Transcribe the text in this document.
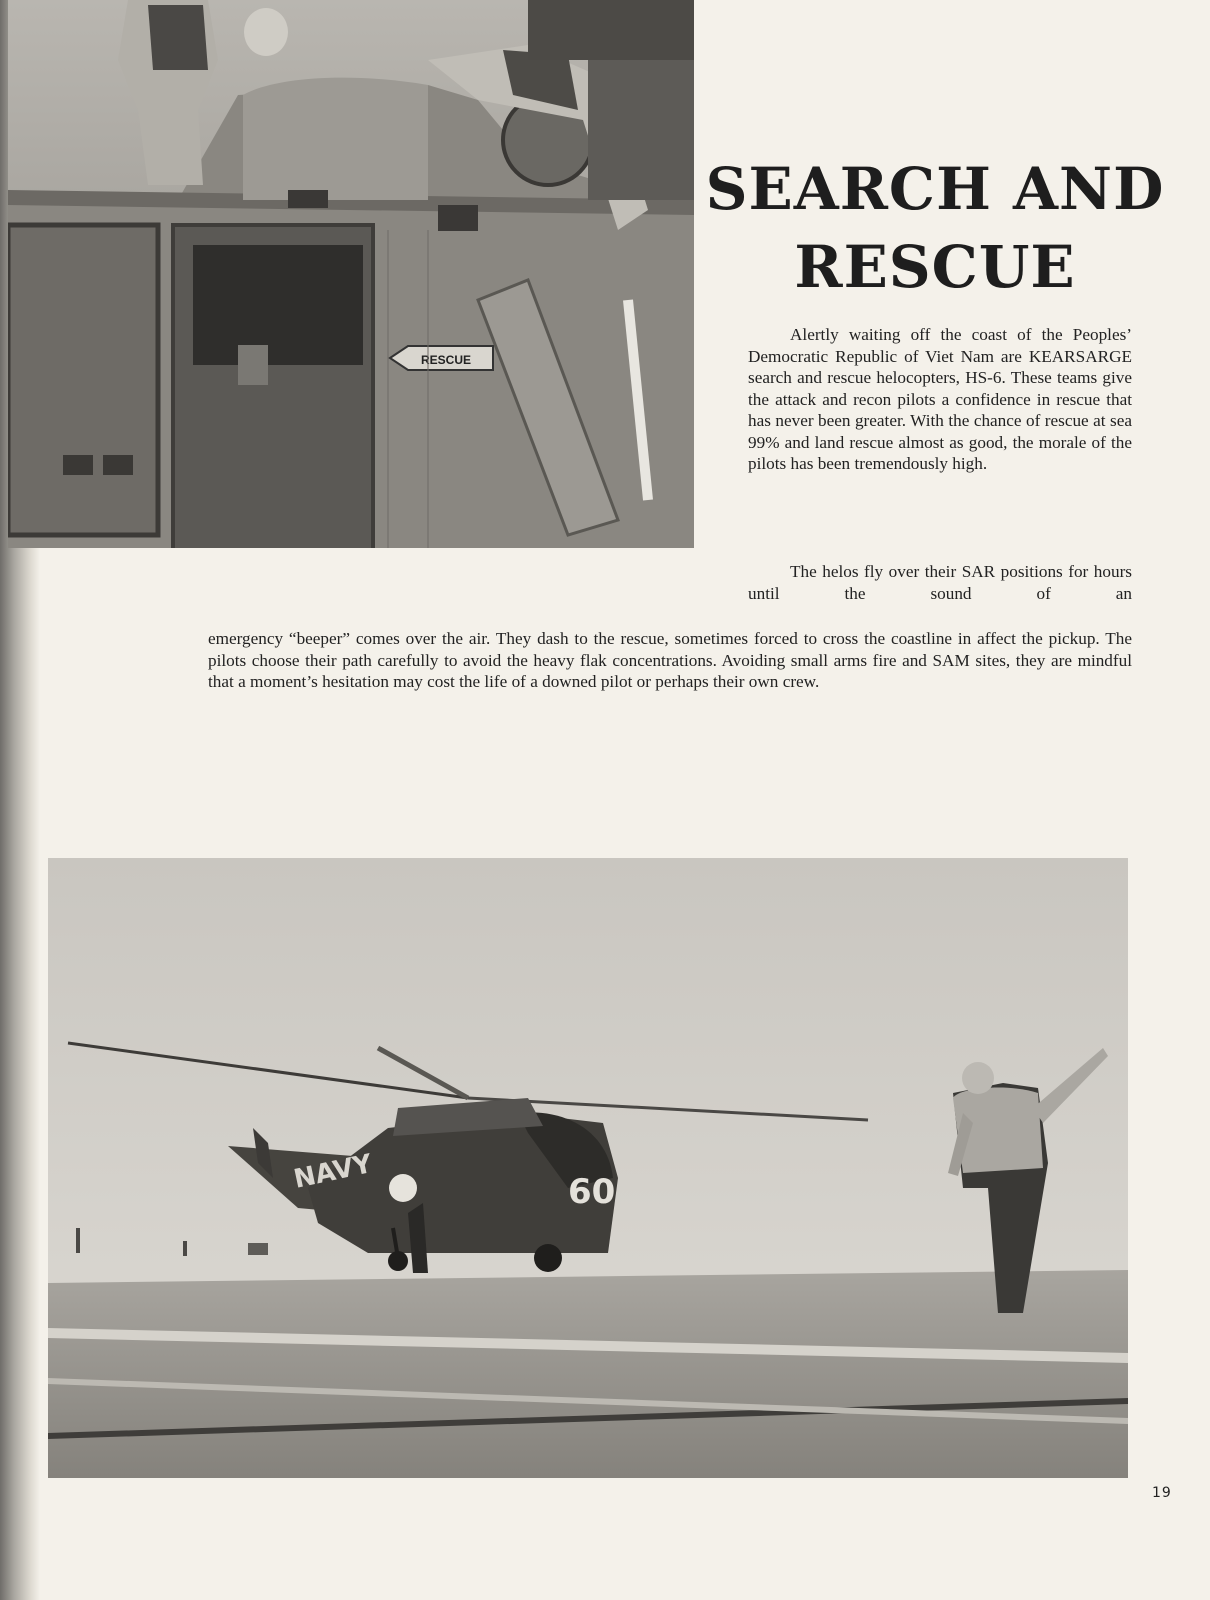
RESCUE
SEARCH AND
RESCUE

Alertly waiting off the coast of the Peoples’ Democratic Republic of Viet Nam are KEARSARGE search and rescue helocopters, HS-6. These teams give the attack and recon pilots a confidence in rescue that has never been greater. With the chance of rescue at sea 99% and land rescue almost as good, the morale of the pilots has been tremendously high.

The helos fly over their SAR positions for hours until the sound of an

emergency “beeper” comes over the air. They dash to the rescue, sometimes forced to cross the coastline in affect the pickup. The pilots choose their path carefully to avoid the heavy flak concentrations. Avoiding small arms fire and SAM sites, they are mindful that a moment’s hesitation may cost the life of a downed pilot or perhaps their own crew.

NAVY	60
19
